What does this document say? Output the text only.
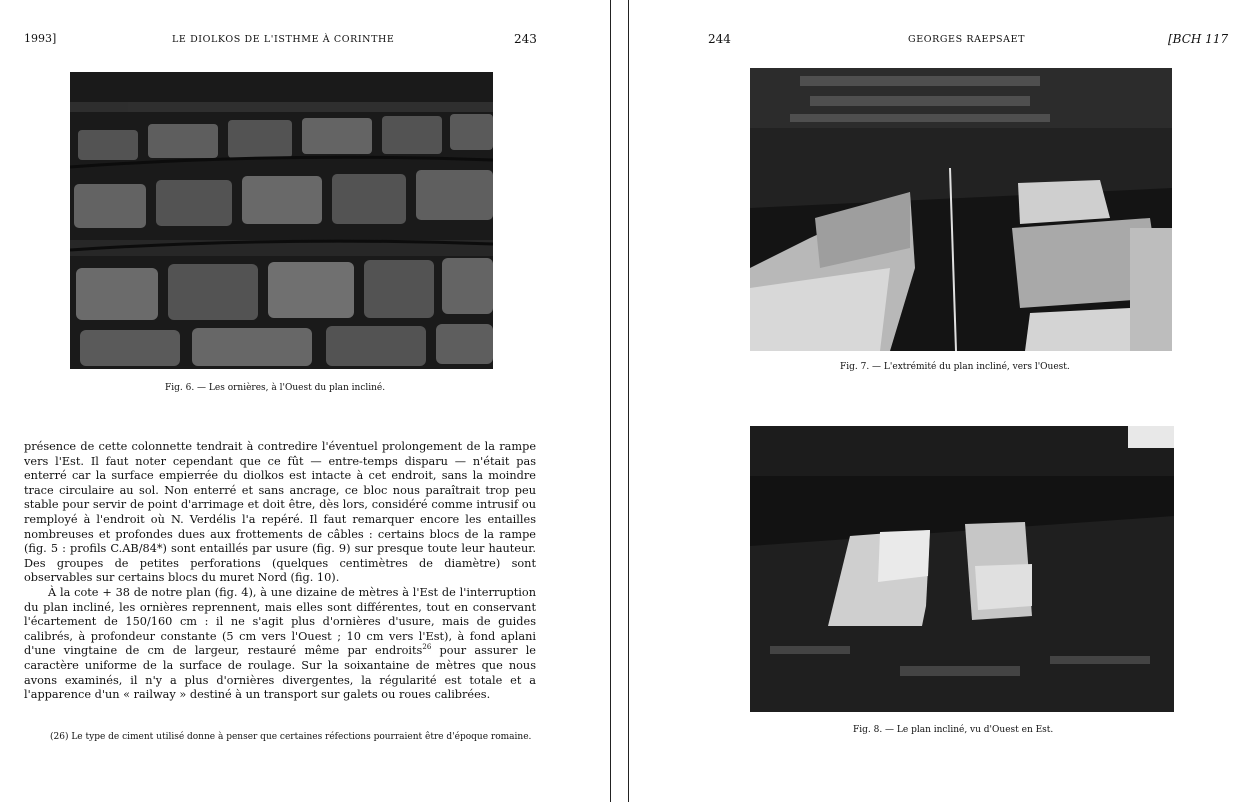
1993]	LE DIOLKOS DE L'ISTHME À CORINTHE	243
Fig. 6. — Les ornières, à l'Ouest du plan incliné.

présence de cette colonnette tendrait à contredire l'éventuel prolongement de la rampe vers l'Est. Il faut noter cependant que ce fût — entre-temps disparu — n'était pas enterré car la surface empierrée du diolkos est intacte à cet endroit, sans la moindre trace circulaire au sol. Non enterré et sans ancrage, ce bloc nous paraîtrait trop peu stable pour servir de point d'arrimage et doit être, dès lors, considéré comme intrusif ou remployé à l'endroit où N. Verdélis l'a repéré. Il faut remarquer encore les entailles nombreuses et profondes dues aux frottements de câbles : certains blocs de la rampe (fig. 5 : profils C.AB/84*) sont entaillés par usure (fig. 9) sur presque toute leur hauteur. Des groupes de petites perforations (quelques centimètres de diamètre) sont observables sur certains blocs du muret Nord (fig. 10).

À la cote + 38 de notre plan (fig. 4), à une dizaine de mètres à l'Est de l'interruption du plan incliné, les ornières reprennent, mais elles sont différentes, tout en conservant l'écartement de 150/160 cm : il ne s'agit plus d'ornières d'usure, mais de guides calibrés, à profondeur constante (5 cm vers l'Ouest ; 10 cm vers l'Est), à fond aplani d'une vingtaine de cm de largeur, restauré même par endroits$^{26}$ pour assurer le caractère uniforme de la surface de roulage. Sur la soixantaine de mètres que nous avons examinés, il n'y a plus d'ornières divergentes, la régularité est totale et a l'apparence d'un « railway » destiné à un transport sur galets ou roues calibrées.

(26) Le type de ciment utilisé donne à penser que certaines réfections pourraient être d'époque romaine.
244	GEORGES RAEPSAET	[BCH 117
Fig. 7. — L'extrémité du plan incliné, vers l'Ouest.
Fig. 8. — Le plan incliné, vu d'Ouest en Est.
